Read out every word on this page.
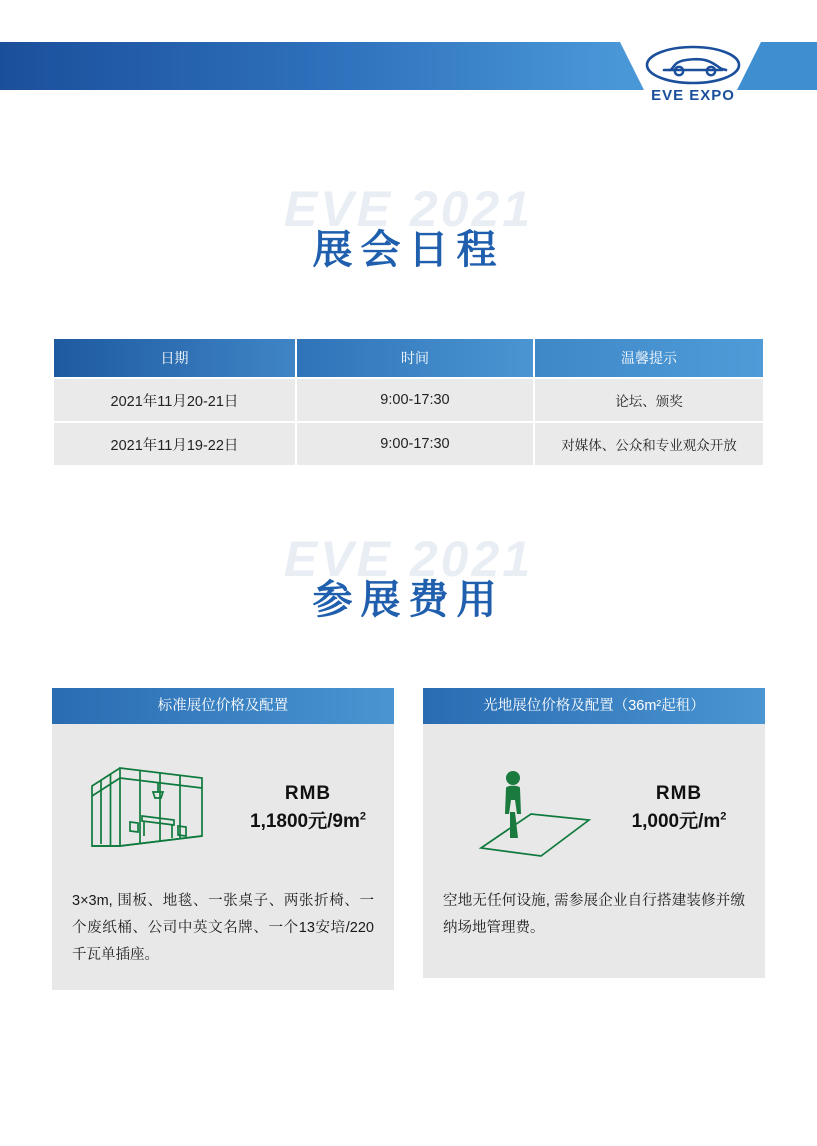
EVE EXPO
EVE 2021
展会日程
日期	时间	温馨提示
2021年11月20-21日	9:00-17:30	论坛、颁奖
2021年11月19-22日	9:00-17:30	对媒体、公众和专业观众开放
EVE 2021
参展费用
标准展位价格及配置
RMB
1,1800元$/9m^2$
3×3m, 围板、地毯、一张桌子、两张折椅、一个废纸桶、公司中英文名牌、一个13安培/220千瓦单插座。
光地展位价格及配置（36m²起租）
RMB
1,000元$/m^2$
空地无任何设施, 需参展企业自行搭建装修并缴纳场地管理费。
